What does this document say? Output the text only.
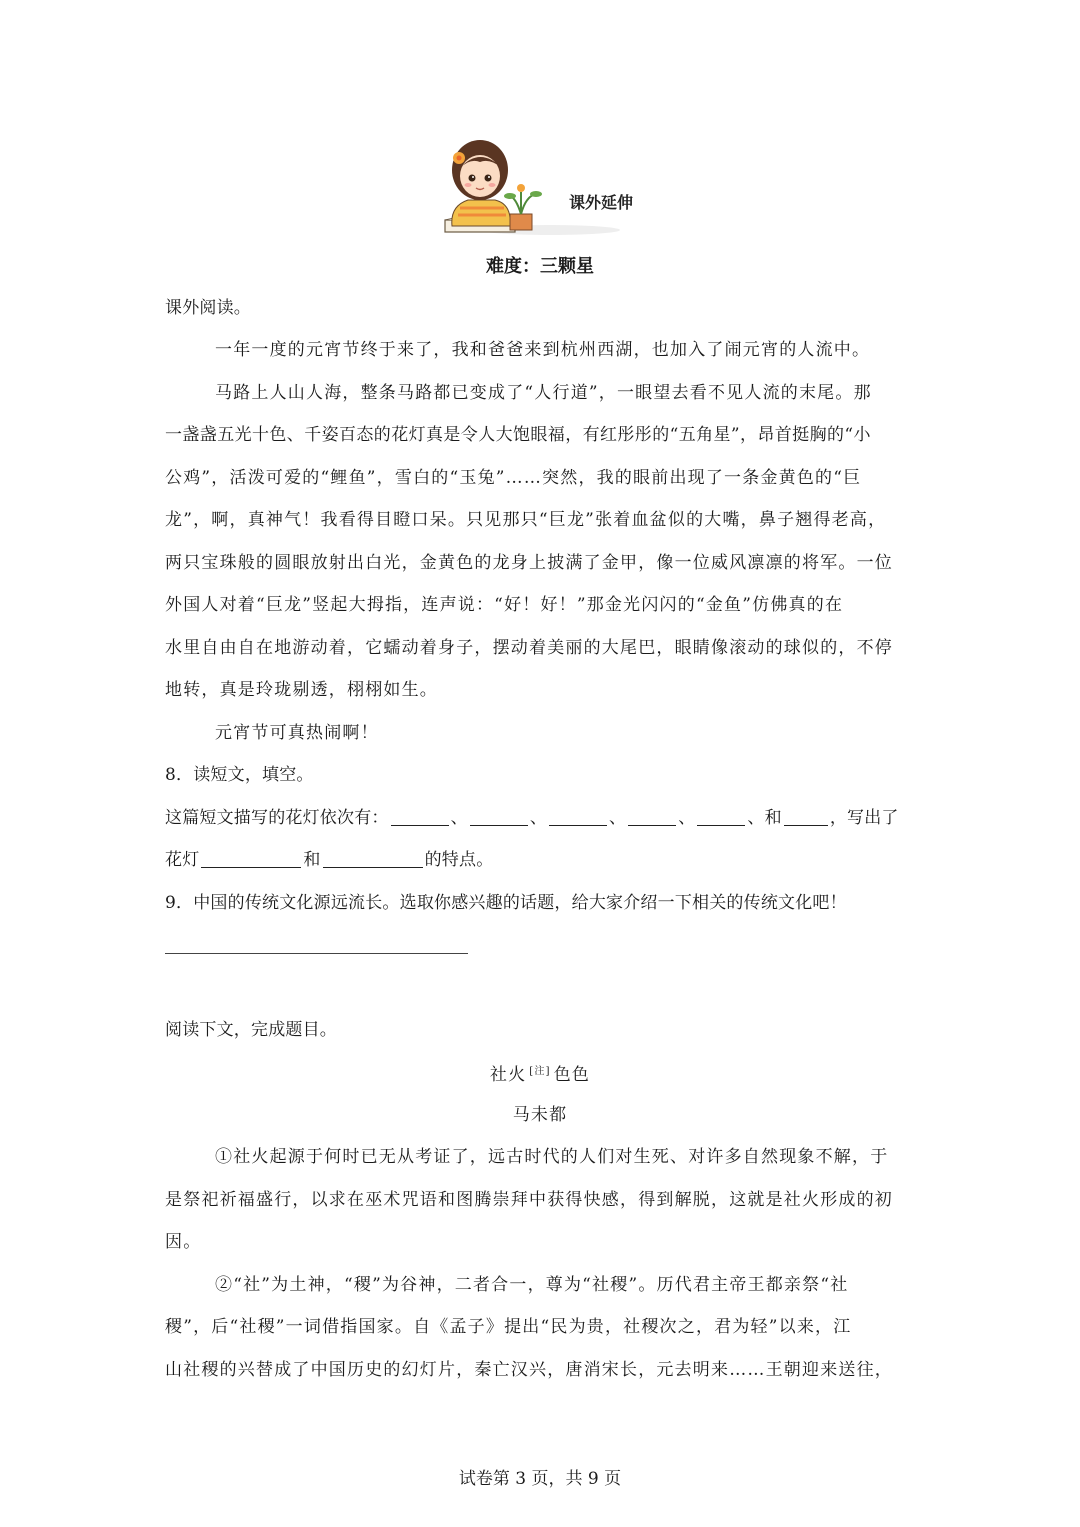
课外延伸
难度：三颗星
课外阅读。
一年一度的元宵节终于来了，我和爸爸来到杭州西湖，也加入了闹元宵的人流中。
马路上人山人海，整条马路都已变成了“人行道”，一眼望去看不见人流的末尾。那
一盏盏五光十色、千姿百态的花灯真是令人大饱眼福，有红彤彤的“五角星”，昂首挺胸的“小
公鸡”，活泼可爱的“鲤鱼”，雪白的“玉兔”……突然，我的眼前出现了一条金黄色的“巨
龙”，啊，真神气！我看得目瞪口呆。只见那只“巨龙”张着血盆似的大嘴，鼻子翘得老高，
两只宝珠般的圆眼放射出白光，金黄色的龙身上披满了金甲，像一位威风凛凛的将军。一位
外国人对着“巨龙”竖起大拇指，连声说：“好！好！”那金光闪闪的“金鱼”仿佛真的在
水里自由自在地游动着，它蠕动着身子，摆动着美丽的大尾巴，眼睛像滚动的球似的，不停
地转，真是玲珑剔透，栩栩如生。
元宵节可真热闹啊！
8．读短文，填空。
这篇短文描写的花灯依次有：	、	、	、	、	、和	，写出了
花灯	和	的特点。
9．中国的传统文化源远流长。选取你感兴趣的话题，给大家介绍一下相关的传统文化吧！
阅读下文，完成题目。
社火 [注] 色色
马未都
①社火起源于何时已无从考证了，远古时代的人们对生死、对许多自然现象不解，于
是祭祀祈福盛行，以求在巫术咒语和图腾崇拜中获得快感，得到解脱，这就是社火形成的初
因。
②“社”为土神，“稷”为谷神，二者合一，尊为“社稷”。历代君主帝王都亲祭“社
稷”，后“社稷”一词借指国家。自《孟子》提出“民为贵，社稷次之，君为轻”以来，江
山社稷的兴替成了中国历史的幻灯片，秦亡汉兴，唐消宋长，元去明来……王朝迎来送往，
试卷第 3 页，共 9 页
